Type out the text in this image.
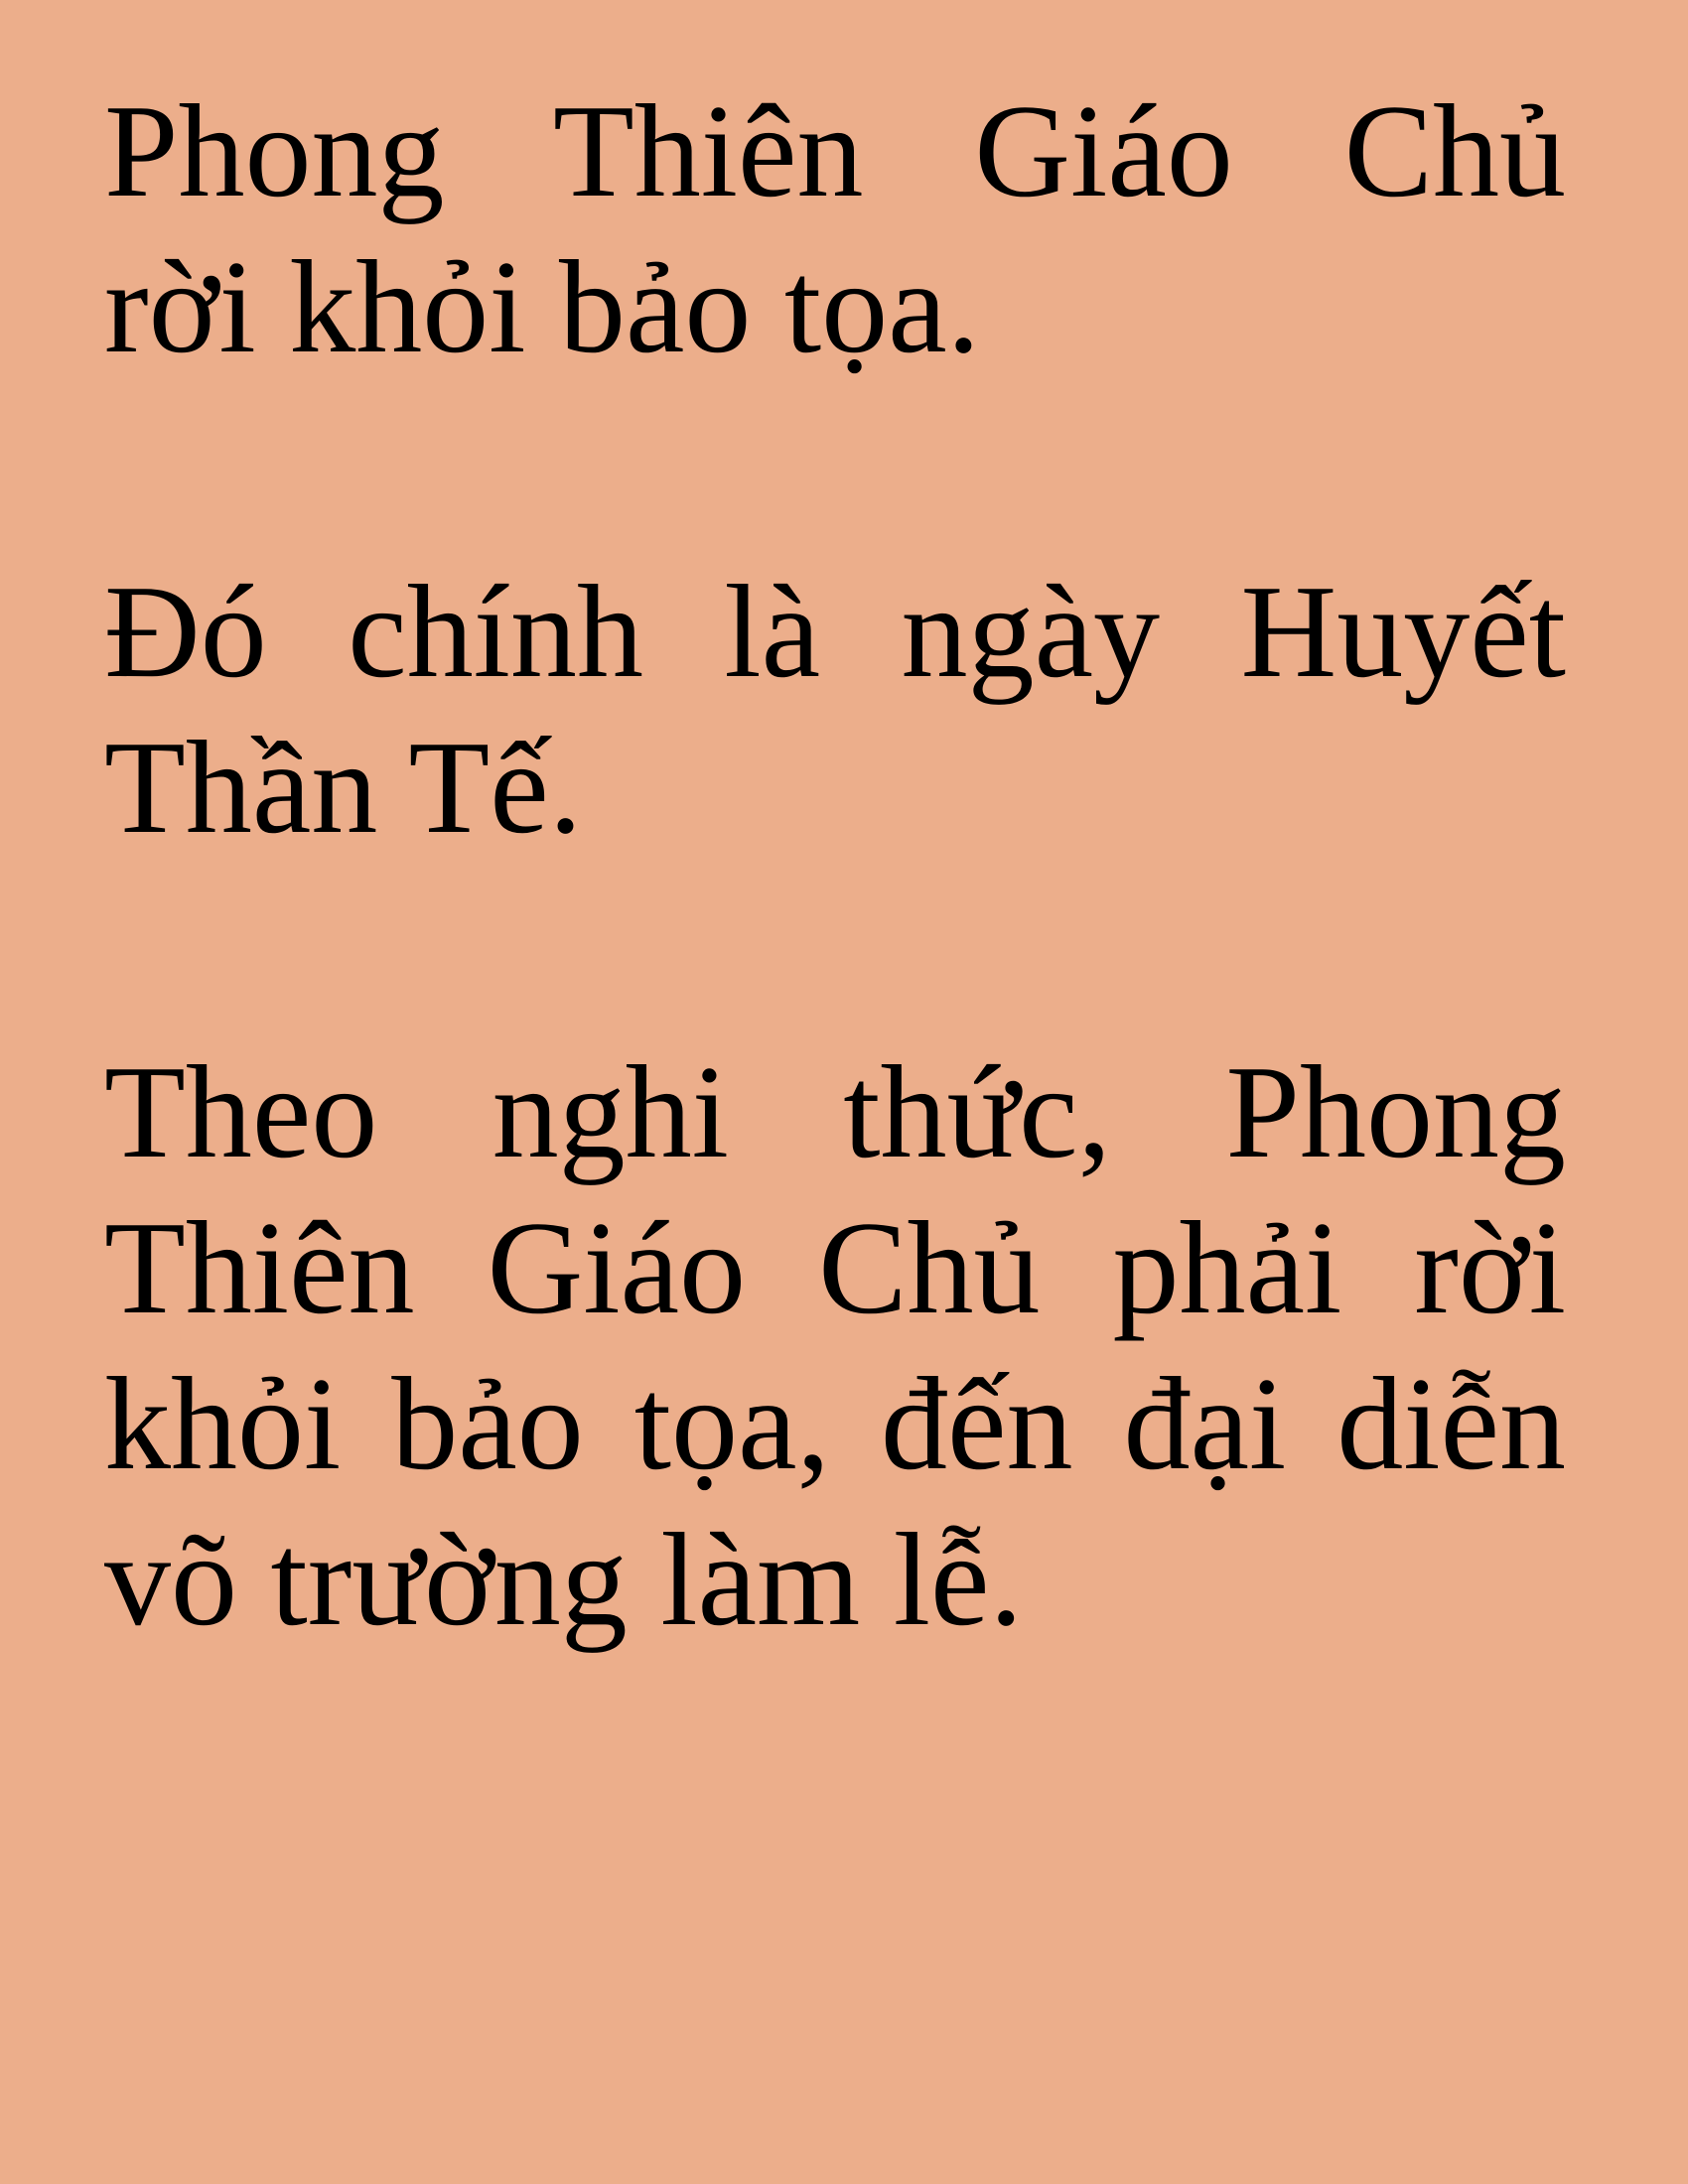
Phong Thiên Giáo Chủ
rời khỏi bảo tọa.

Đó chính là ngày Huyết
Thần Tế.

Theo nghi thức, Phong
Thiên Giáo Chủ phải rời
khỏi bảo tọa, đến đại diễn
võ trường làm lễ.
